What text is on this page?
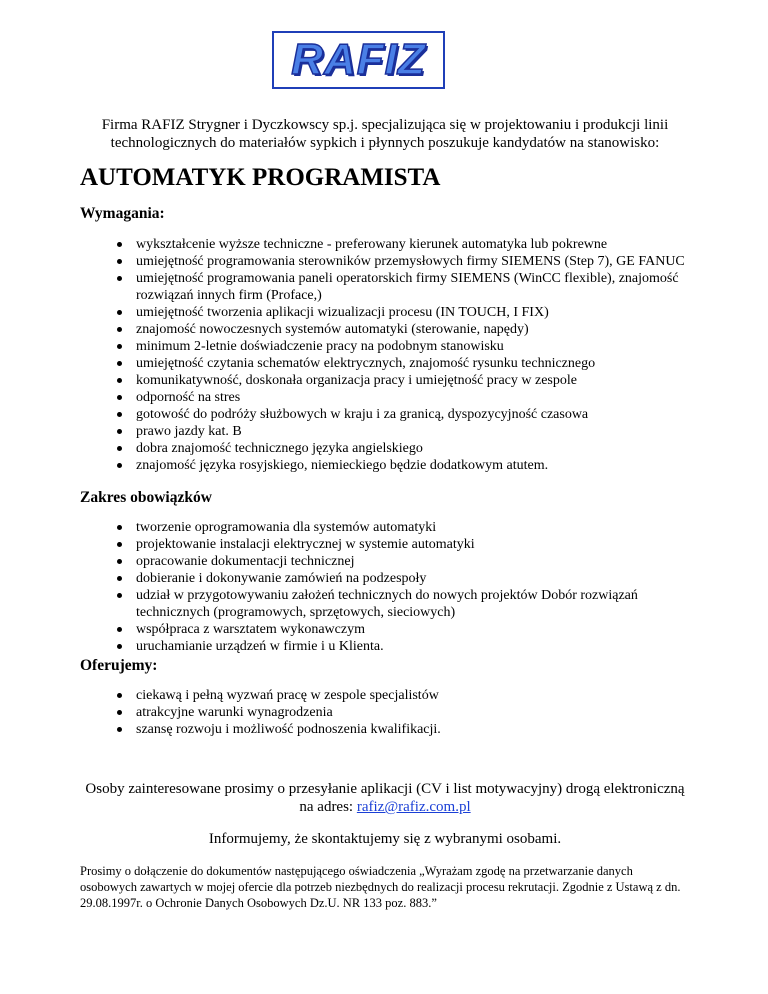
RAFIZ
Firma RAFIZ Strygner i Dyczkowscy sp.j. specjalizująca się w projektowaniu i produkcji linii technologicznych do materiałów sypkich i płynnych poszukuje kandydatów na stanowisko:
AUTOMATYK PROGRAMISTA
Wymagania:
wykształcenie wyższe techniczne - preferowany kierunek automatyka lub pokrewne
umiejętność programowania sterowników przemysłowych firmy SIEMENS (Step 7), GE FANUC
umiejętność programowania paneli operatorskich firmy SIEMENS (WinCC flexible), znajomość rozwiązań innych firm (Proface,)
umiejętność tworzenia aplikacji wizualizacji procesu (IN TOUCH, I FIX)
znajomość nowoczesnych systemów automatyki (sterowanie, napędy)
minimum 2-letnie doświadczenie pracy na podobnym stanowisku
umiejętność czytania schematów elektrycznych, znajomość rysunku technicznego
komunikatywność, doskonała organizacja pracy i umiejętność pracy w zespole
odporność na stres
gotowość do podróży służbowych w kraju i za granicą, dyspozycyjność czasowa
prawo jazdy kat. B
dobra znajomość technicznego języka angielskiego
znajomość języka rosyjskiego, niemieckiego będzie dodatkowym atutem.
Zakres obowiązków
tworzenie oprogramowania dla systemów automatyki
projektowanie instalacji elektrycznej w systemie automatyki
opracowanie dokumentacji technicznej
dobieranie i dokonywanie zamówień na podzespoły
udział w przygotowywaniu założeń technicznych do nowych projektów Dobór rozwiązań technicznych (programowych, sprzętowych, sieciowych)
współpraca z warsztatem wykonawczym
uruchamianie urządzeń w firmie i u Klienta.
Oferujemy:
ciekawą i pełną wyzwań pracę w zespole specjalistów
atrakcyjne warunki wynagrodzenia
szansę rozwoju i możliwość podnoszenia kwalifikacji.
Osoby zainteresowane prosimy o przesyłanie aplikacji (CV i list motywacyjny) drogą elektroniczną na adres: rafiz@rafiz.com.pl
Informujemy, że skontaktujemy się z wybranymi osobami.
Prosimy o dołączenie do dokumentów następującego oświadczenia „Wyrażam zgodę na przetwarzanie danych osobowych zawartych w mojej ofercie dla potrzeb niezbędnych do realizacji procesu rekrutacji. Zgodnie z Ustawą z dn. 29.08.1997r. o Ochronie Danych Osobowych Dz.U. NR 133 poz. 883.”
